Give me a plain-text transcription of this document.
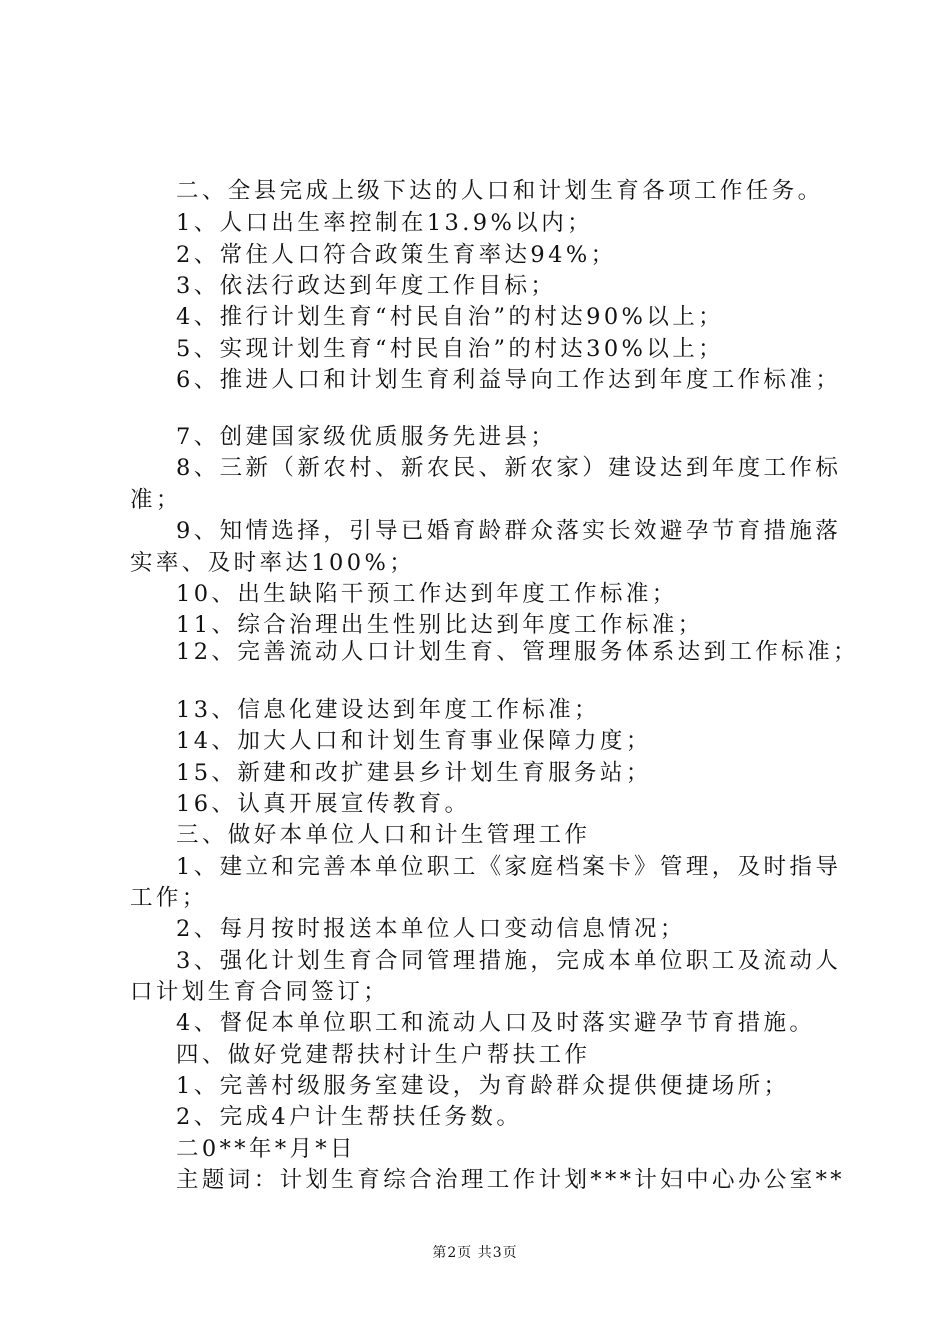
二、全县完成上级下达的人口和计划生育各项工作任务。
1、人口出生率控制在13.9%以内；
2、常住人口符合政策生育率达94%；
3、依法行政达到年度工作目标；
4、推行计划生育“村民自治”的村达90%以上；
5、实现计划生育“村民自治”的村达30%以上；
6、推进人口和计划生育利益导向工作达到年度工作标准；
7、创建国家级优质服务先进县；
8、三新（新农村、新农民、新农家）建设达到年度工作标
准；
9、知情选择，引导已婚育龄群众落实长效避孕节育措施落
实率、及时率达100%；
10、出生缺陷干预工作达到年度工作标准；
11、综合治理出生性别比达到年度工作标准；
12、完善流动人口计划生育、管理服务体系达到工作标准；
13、信息化建设达到年度工作标准；
14、加大人口和计划生育事业保障力度；
15、新建和改扩建县乡计划生育服务站；
16、认真开展宣传教育。
三、做好本单位人口和计生管理工作
1、建立和完善本单位职工《家庭档案卡》管理，及时指导
工作；
2、每月按时报送本单位人口变动信息情况；
3、强化计划生育合同管理措施，完成本单位职工及流动人
口计划生育合同签订；
4、督促本单位职工和流动人口及时落实避孕节育措施。
四、做好党建帮扶村计生户帮扶工作
1、完善村级服务室建设，为育龄群众提供便捷场所；
2、完成4户计生帮扶任务数。
二0**年*月*日
主题词：计划生育综合治理工作计划***计妇中心办公室**
第2页 共3页
